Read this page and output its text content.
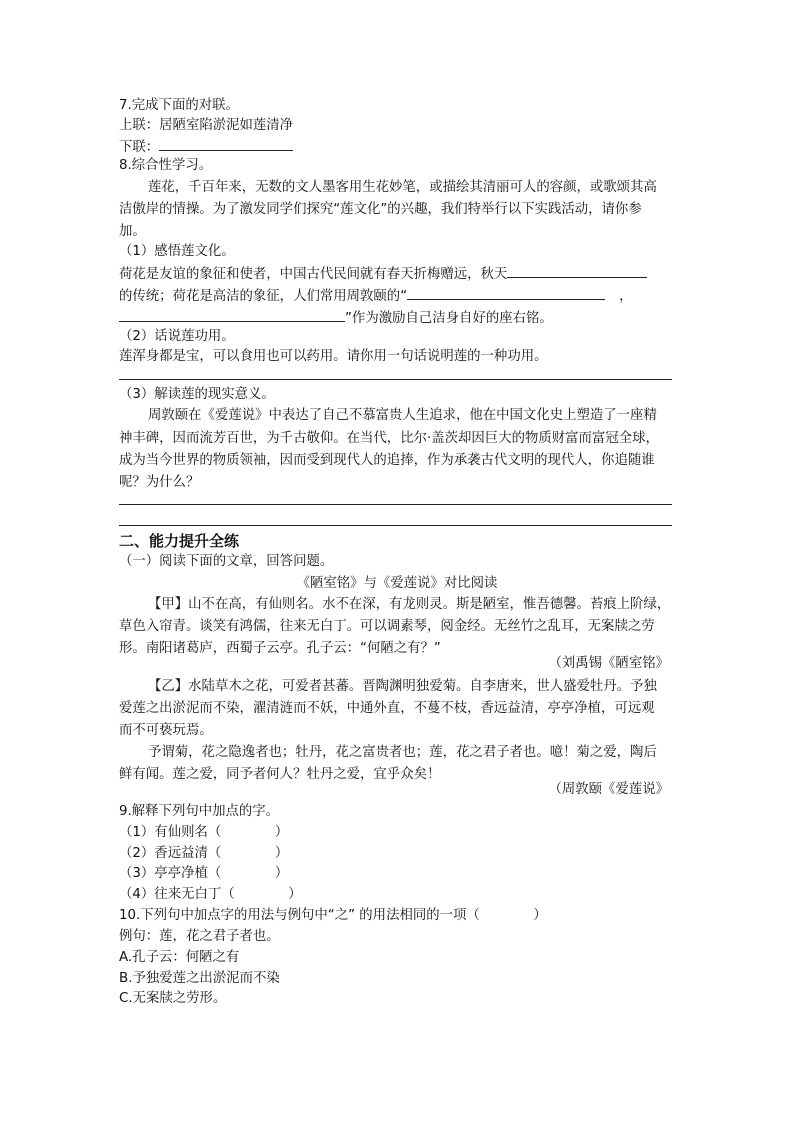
7.完成下面的对联。
上联：居陋室陷淤泥如莲清净
下联：
8.综合性学习。
莲花，千百年来，无数的文人墨客用生花妙笔，或描绘其清丽可人的容颜，或歌颂其高
洁傲岸的情操。为了激发同学们探究“莲文化”的兴趣，我们特举行以下实践活动，请你参
加。
（1）感悟莲文化。
荷花是友谊的象征和使者，中国古代民间就有春天折梅赠远，秋天
的传统；荷花是高洁的象征，人们常用周敦颐的“	，
”作为激励自己洁身自好的座右铭。
（2）话说莲功用。
莲浑身都是宝，可以食用也可以药用。请你用一句话说明莲的一种功用。
（3）解读莲的现实意义。
周敦颐在《爱莲说》中表达了自己不慕富贵人生追求，他在中国文化史上塑造了一座精
神丰碑，因而流芳百世，为千古敬仰。在当代，比尔·盖茨却因巨大的物质财富而富冠全球，
成为当今世界的物质领袖，因而受到现代人的追捧，作为承袭古代文明的现代人，你追随谁
呢？为什么？
二、能力提升全练
（一）阅读下面的文章，回答问题。
《陋室铭》与《爱莲说》对比阅读
【甲】山不在高，有仙则名。水不在深，有龙则灵。斯是陋室，惟吾德馨。苔痕上阶绿，
草色入帘青。谈笑有鸿儒，往来无白丁。可以调素琴，阅金经。无丝竹之乱耳，无案牍之劳
形。南阳诸葛庐，西蜀子云亭。孔子云：“何陋之有？”
（刘禹锡《陋室铭》
【乙】水陆草木之花，可爱者甚蕃。晋陶渊明独爱菊。自李唐来，世人盛爱牡丹。予独
爱莲之出淤泥而不染，濯清涟而不妖，中通外直，不蔓不枝，香远益清，亭亭净植，可远观
而不可亵玩焉。
予谓菊，花之隐逸者也；牡丹，花之富贵者也；莲，花之君子者也。噫！菊之爱，陶后
鲜有闻。莲之爱，同予者何人？牡丹之爱，宜乎众矣！
（周敦颐《爱莲说》
9.解释下列句中加点的字。
（1）有仙则名（　　　　）
（2）香远益清（　　　　）
（3）亭亭净植（　　　　）
（4）往来无白丁（　　　　）
10.下列句中加点字的用法与例句中“之” 的用法相同的一项（　　　　）
例句：莲，花之君子者也。
A.孔子云：何陋之有
B.予独爱莲之出淤泥而不染
C.无案牍之劳形。
